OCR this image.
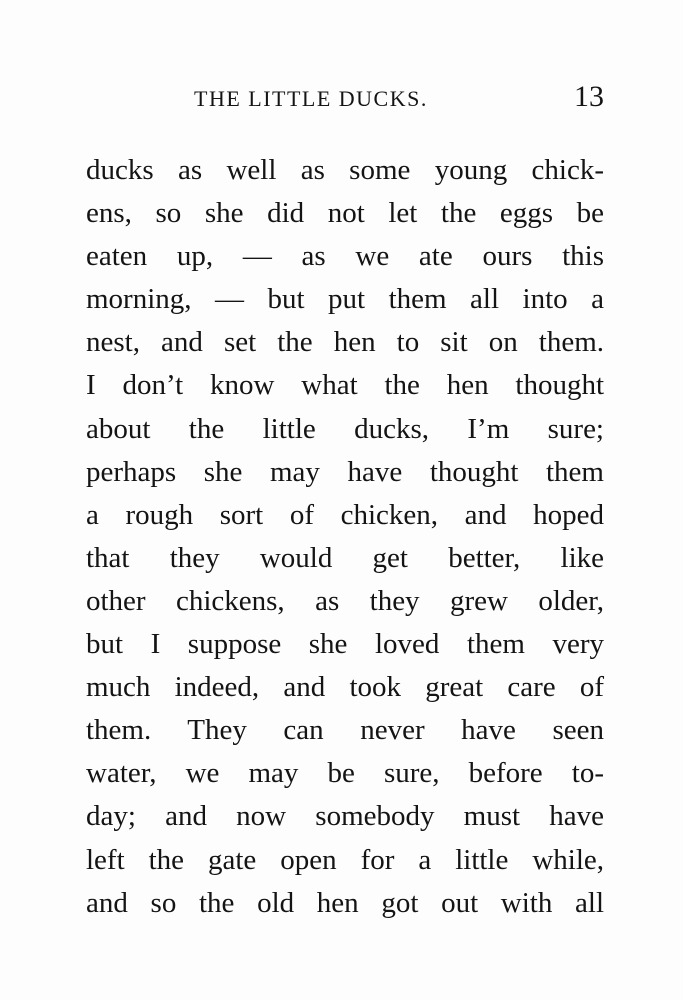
THE LITTLE DUCKS.	13
ducks as well as some young chick-
ens, so she did not let the eggs be
eaten up, — as we ate ours this
morning, — but put them all into a
nest, and set the hen to sit on them.
I don’t know what the hen thought
about the little ducks, I’m sure;
perhaps she may have thought them
a rough sort of chicken, and hoped
that they would get better, like
other chickens, as they grew older,
but I suppose she loved them very
much indeed, and took great care of
them. They can never have seen
water, we may be sure, before to-
day; and now somebody must have
left the gate open for a little while,
and so the old hen got out with all
